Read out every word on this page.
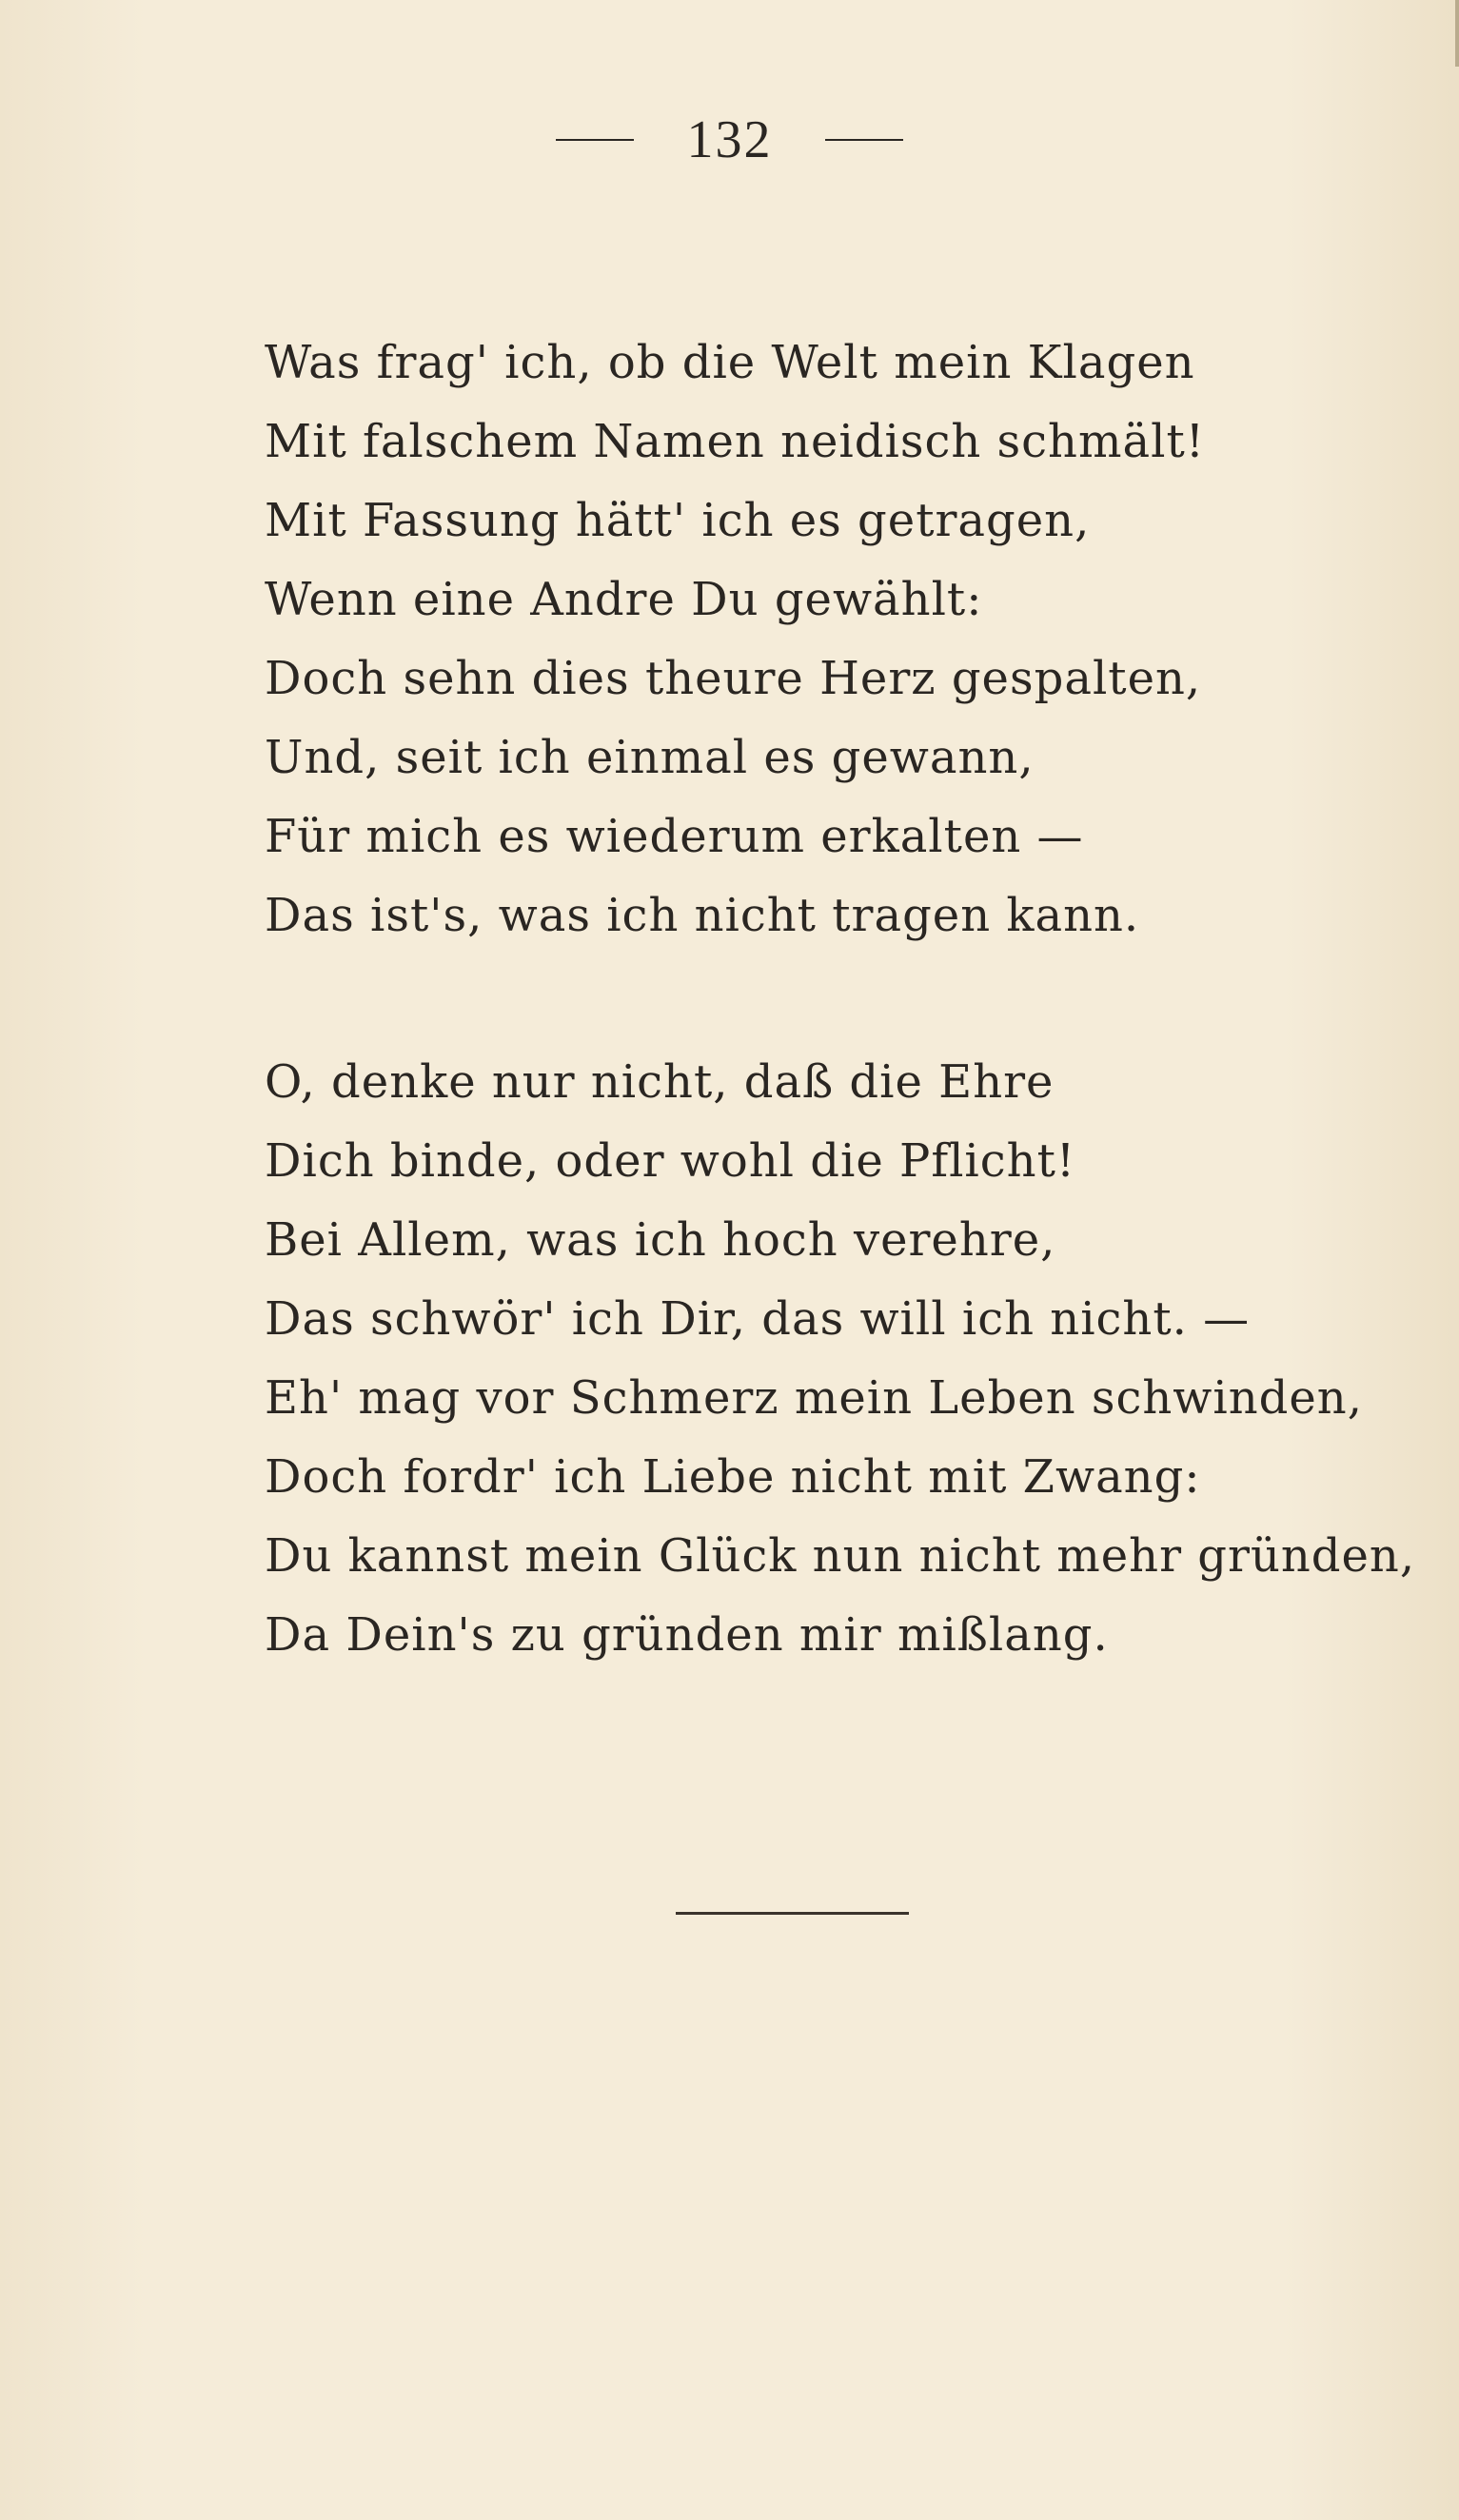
132
Was frag' ich, ob die Welt mein Klagen
Mit falschem Namen neidisch schmält!
Mit Fassung hätt' ich es getragen,
Wenn eine Andre Du gewählt:
Doch sehn dies theure Herz gespalten,
Und, seit ich einmal es gewann,
Für mich es wiederum erkalten —
Das ist's, was ich nicht tragen kann.
O, denke nur nicht, daß die Ehre
Dich binde, oder wohl die Pflicht!
Bei Allem, was ich hoch verehre,
Das schwör' ich Dir, das will ich nicht. —
Eh' mag vor Schmerz mein Leben schwinden,
Doch fordr' ich Liebe nicht mit Zwang:
Du kannst mein Glück nun nicht mehr gründen,
Da Dein's zu gründen mir mißlang.
